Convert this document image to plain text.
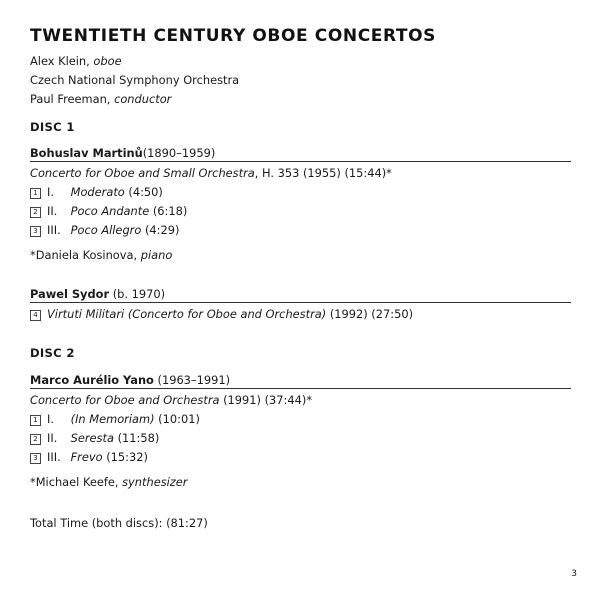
TWENTIETH CENTURY OBOE CONCERTOS
Alex Klein, oboe
Czech National Symphony Orchestra
Paul Freeman, conductor
DISC 1
Bohuslav Martinů(1890–1959)
Concerto for Oboe and Small Orchestra, H. 353 (1955) (15:44)*
1 I. Moderato (4:50)
2 II. Poco Andante (6:18)
3 III. Poco Allegro (4:29)
*Daniela Kosinova, piano
Pawel Sydor (b. 1970)
4 Virtuti Militari (Concerto for Oboe and Orchestra) (1992) (27:50)
DISC 2
Marco Aurélio Yano (1963–1991)
Concerto for Oboe and Orchestra (1991) (37:44)*
1 I. (In Memoriam) (10:01)
2 II. Seresta (11:58)
3 III. Frevo (15:32)
*Michael Keefe, synthesizer
Total Time (both discs): (81:27)
3
